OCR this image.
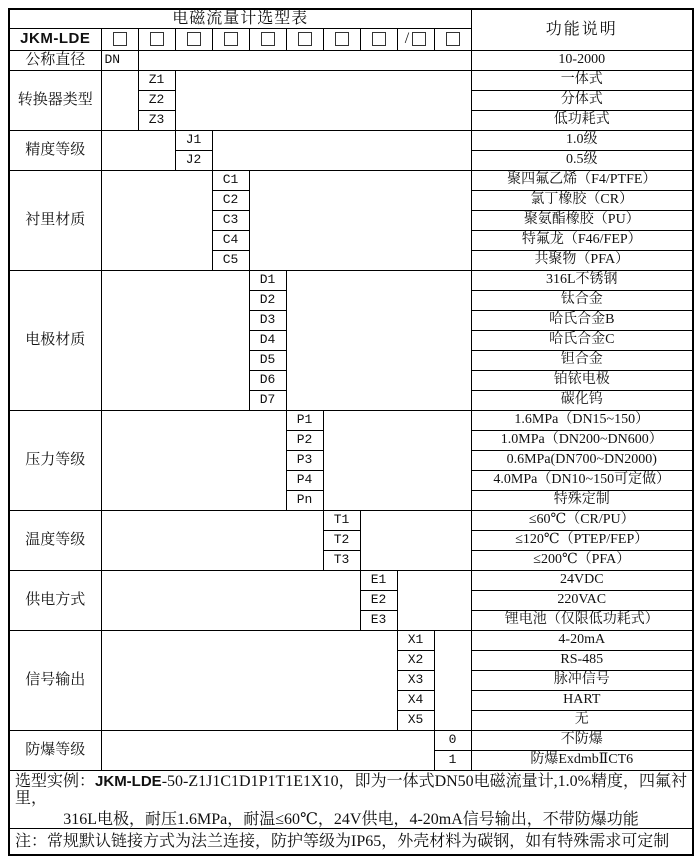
电磁流量计选型表											功能说明
JKM-LDE									/		
公称直径	DN										10-2000
转换器类型		Z1									一体式
		Z2									分体式
		Z3									低功耗式
精度等级			J1								1.0级
			J2								0.5级
衬里材质				C1							聚四氟乙烯（F4/PTFE）
				C2							氯丁橡胶（CR）
				C3							聚氨酯橡胶（PU）
				C4							特氟龙（F46/FEP）
				C5							共聚物（PFA）
电极材质					D1						316L不锈钢
					D2						钛合金
					D3						哈氏合金B
					D4						哈氏合金C
					D5						钽合金
					D6						铂铱电极
					D7						碳化钨
压力等级						P1					1.6MPa（DN15~150）
						P2					1.0MPa（DN200~DN600）
						P3					0.6MPa(DN700~DN2000)
						P4					4.0MPa（DN10~150可定做）
						Pn					特殊定制
温度等级							T1				≤60℃（CR/PU）
							T2				≤120℃（PTEP/FEP）
							T3				≤200℃（PFA）
供电方式								E1			24VDC
								E2			220VAC
								E3			锂电池（仅限低功耗式）
信号输出									X1		4-20mA
									X2		RS-485
									X3		脉冲信号
									X4		HART
									X5		无
防爆等级										0	不防爆
										1	防爆ExdmbⅡCT6

选型实例：JKM-LDE-50-Z1J1C1D1P1T1E1X10，即为一体式DN50电磁流量计,1.0%精度，四氟衬里，
316L电极，耐压1.6MPa，耐温≤60℃，24V供电，4-20mA信号输出，不带防爆功能											

注：常规默认链接方式为法兰连接，防护等级为IP65，外壳材料为碳钢，如有特殊需求可定制											
